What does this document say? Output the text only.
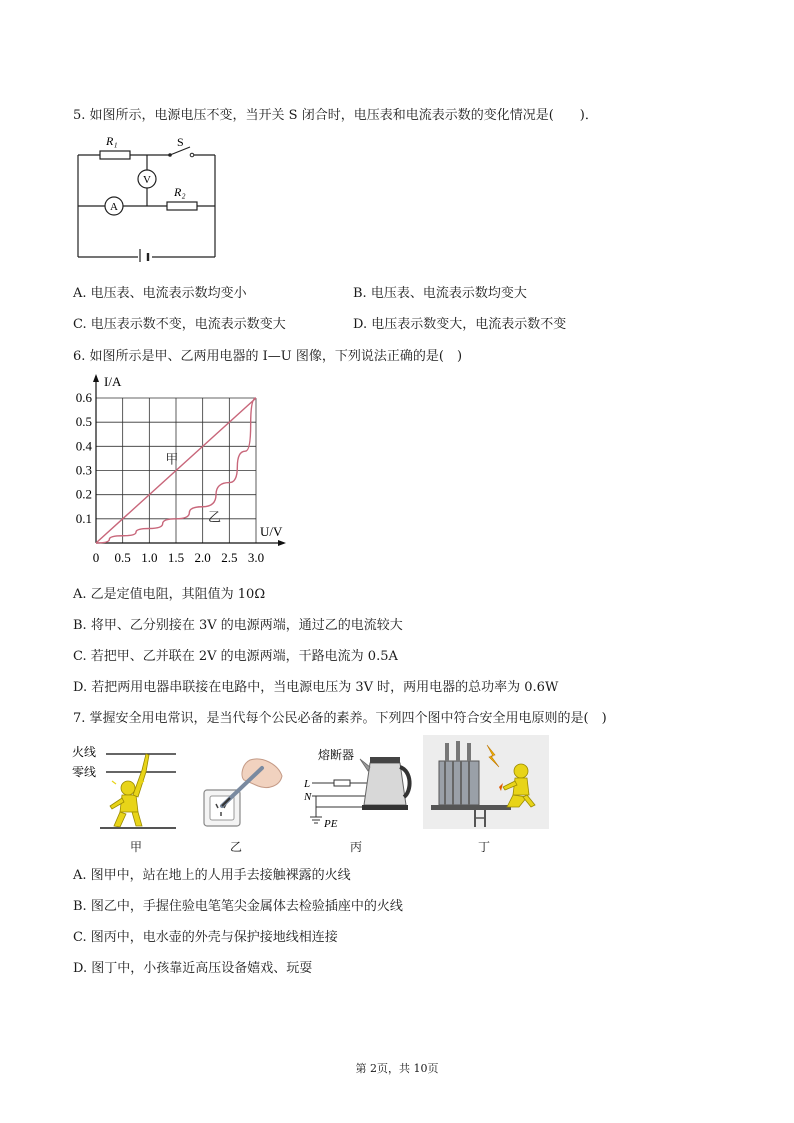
5. 如图所示，电源电压不变，当开关 S 闭合时，电压表和电流表示数的变化情况是(　　)．
R₁	S
V
A
R₂
A. 电压表、电流表示数均变小	B. 电压表、电流表示数均变大
C. 电压表示数不变，电流表示数变大	D. 电压表示数变大，电流表示数不变
6. 如图所示是甲、乙两用电器的 I—U 图像，下列说法正确的是(　)
0 0.5 1.0 1.5 2.0 2.5 3.0
0.1
0.2
0.3
0.4
0.5
0.6
甲
乙
I/A
U/V
A. 乙是定值电阻，其阻值为 10Ω
B. 将甲、乙分别接在 3V 的电源两端，通过乙的电流较大
C. 若把甲、乙并联在 2V 的电源两端，干路电流为 0.5A
D. 若把两用电器串联接在电路中，当电源电压为 3V 时，两用电器的总功率为 0.6W
7. 掌握安全用电常识，是当代每个公民必备的素养。下列四个图中符合安全用电原则的是(　)
火线
零线
甲	乙
熔断器
L
N
PE
丙	丁
A. 图甲中，站在地上的人用手去接触裸露的火线
B. 图乙中，手握住验电笔笔尖金属体去检验插座中的火线
C. 图丙中，电水壶的外壳与保护接地线相连接
D. 图丁中，小孩靠近高压设备嬉戏、玩耍
第 2页，共 10页
